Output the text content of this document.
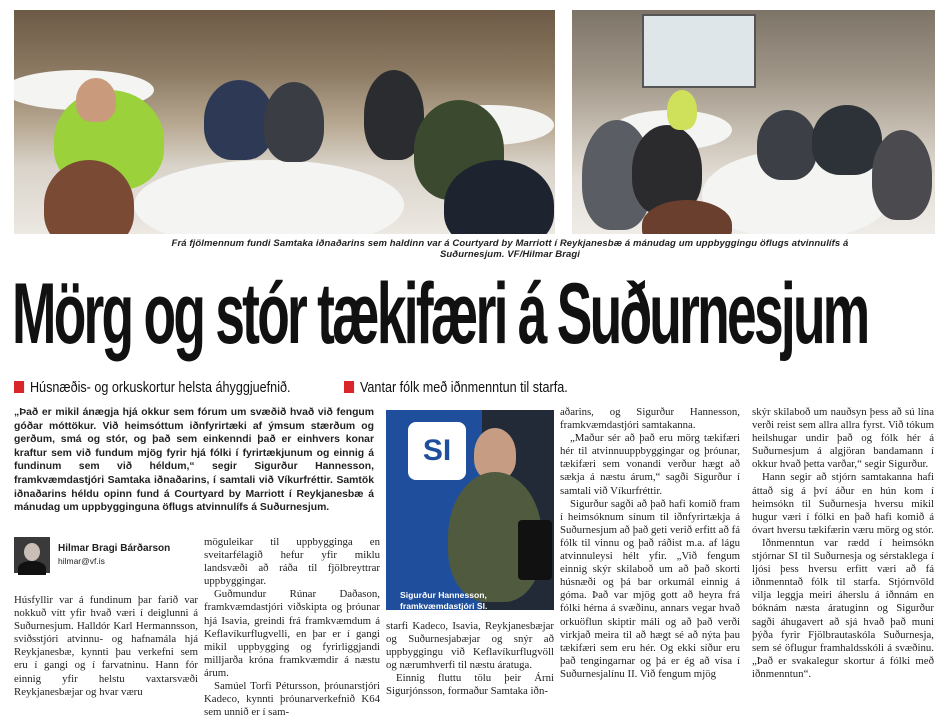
Frá fjölmennum fundi Samtaka iðnaðarins sem haldinn var á Courtyard by Marriott í Reykjanesbæ á mánudag um uppbyggingu öflugs atvinnulífs á Suðurnesjum. VF/Hilmar Bragi
Mörg og stór tækifæri á Suðurnesjum
Húsnæðis- og orkuskortur helsta áhyggjuefnið.	Vantar fólk með iðnmenntun til starfa.
„Það er mikil ánægja hjá okkur sem fórum um svæðið hvað við fengum góðar móttökur. Við heimsóttum iðnfyrirtæki af ýmsum stærðum og gerðum, smá og stór, og það sem einkenndi það er einhvers konar kraftur sem við fundum mjög fyrir hjá fólki í fyrirtækjunum og einnig á fundinum sem við héldum,“ segir Sigurður Hannesson, framkvæmdastjóri Samtaka iðnaðarins, í samtali við Víkurfréttir. Samtök iðnaðarins héldu opinn fund á Courtyard by Marriott í Reykjanesbæ á mánudag um uppbygginguna öflugs atvinnulífs á Suðurnesjum.
Hilmar Bragi Bárðarson
hilmar@vf.is

Húsfyllir var á fundinum þar farið var nokkuð vítt yfir hvað væri í deiglunni á Suðurnesjum. Halldór Karl Hermannsson, sviðsstjóri atvinnu- og hafnamála hjá Reykjanesbæ, kynnti þau verkefni sem eru í gangi og í farvatninu. Hann fór einnig yfir helstu vaxtarsvæði Reykjanesbæjar og hvar væru

möguleikar til uppbygginga en sveitarfélagið hefur yfir miklu landsvæði að ráða til fjölbreyttrar uppbyggingar.

Guðmundur Rúnar Daðason, framkvæmdastjóri viðskipta og þróunar hjá Isavia, greindi frá framkvæmdum á Keflavíkurflugvelli, en þar er í gangi mikil uppbygging og fyrirliggjandi milljarða króna framkvæmdir á næstu árum.

Samúel Torfi Pétursson, þróunarstjóri Kadeco, kynnti þróunarverkefnið K64 sem unnið er í sam-

SI
Sigurður Hannesson, framkvæmdastjóri SI.

starfi Kadeco, Isavia, Reykjanesbæjar og Suðurnesjabæjar og snýr að uppbyggingu við Keflavíkurflugvöll og nærumhverfi til næstu áratuga.

Einnig fluttu tölu þeir Árni Sigurjónsson, formaður Samtaka iðn-

aðarins, og Sigurður Hannesson, framkvæmdastjóri samtakanna.

„Maður sér að það eru mörg tækifæri hér til atvinnuuppbyggingar og þróunar, tækifæri sem vonandi verður hægt að sækja á næstu árum,“ sagði Sigurður í samtali við Víkurfréttir.

Sigurður sagði að það hafi komið fram í heimsóknum sínum til iðnfyrirtækja á Suðurnesjum að það geti verið erfitt að fá fólk til vinnu og það ráðist m.a. af lágu atvinnuleysi hélt yfir. „Við fengum einnig skýr skilaboð um að það skorti húsnæði og þá bar orkumál einnig á góma. Það var mjög gott að heyra frá fólki hérna á svæðinu, annars vegar hvað orkuöflun skiptir máli og að það verði virkjað meira til að hægt sé að nýta þau tækifæri sem eru hér. Og ekki síður eru það tengingarnar og þá er ég að vísa í Suðurnesjalínu II. Við fengum mjög

skýr skilaboð um nauðsyn þess að sú lína verði reist sem allra allra fyrst. Við tókum heilshugar undir það og fólk hér á Suðurnesjum á algjöran bandamann í okkur hvað þetta varðar,“ segir Sigurður.

Hann segir að stjórn samtakanna hafi áttað sig á því áður en hún kom í heimsókn til Suðurnesja hversu mikil hugur væri í fólki en það hafi komið á óvart hversu tækifærin væru mörg og stór.

Iðnmenntun var rædd í heimsókn stjórnar SI til Suðurnesja og sérstaklega í ljósi þess hversu erfitt væri að fá iðnmenntað fólk til starfa. Stjórnvöld vilja leggja meiri áherslu á iðnnám en bóknám næsta áratuginn og Sigurður sagði áhugavert að sjá hvað það muni þýða fyrir Fjölbrautaskóla Suðurnesja, sem sé öflugur framhaldsskóli á svæðinu. „Það er svakalegur skortur á fólki með iðnmenntun“.
